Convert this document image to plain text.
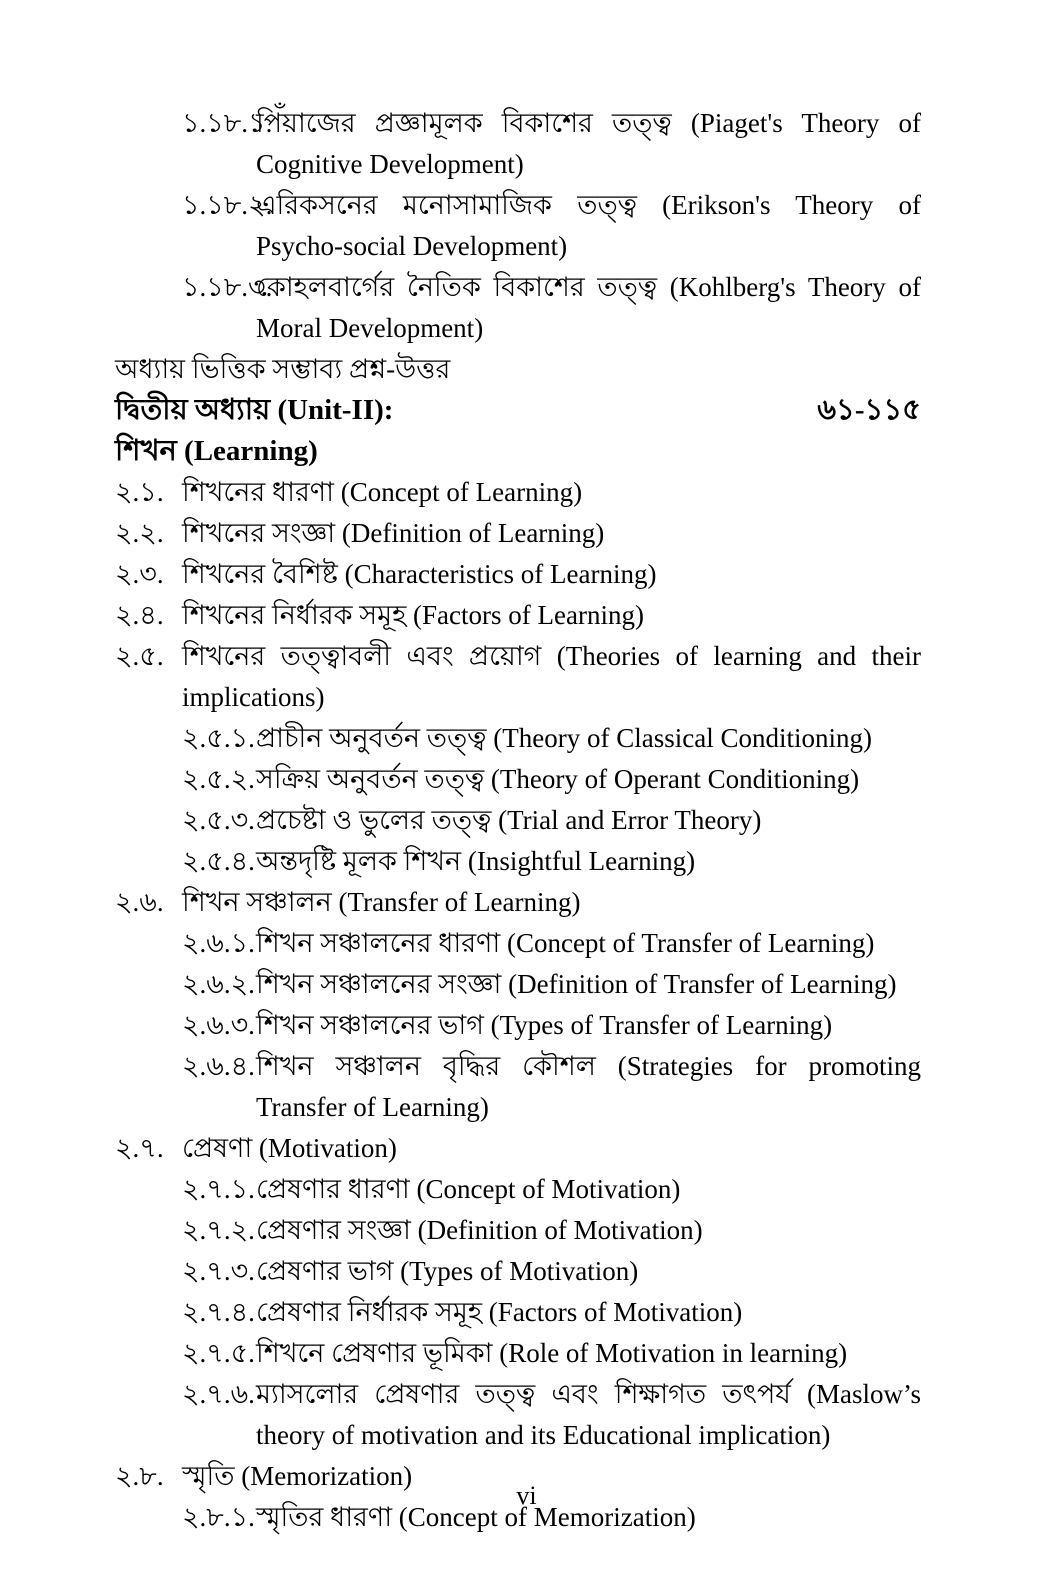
১.১৮.১.
পিঁয়াজের প্রজ্ঞামূলক বিকাশের তত্ত্ব (Piaget's Theory of Cognitive Development)
১.১৮.২.
এরিকসনের মনোসামাজিক তত্ত্ব (Erikson's Theory of Psycho-social Development)
১.১৮.৩.
কোহলবার্গের নৈতিক বিকাশের তত্ত্ব (Kohlberg's Theory of Moral Development)
অধ্যায় ভিত্তিক সম্ভাব্য প্রশ্ন-উত্তর
দ্বিতীয় অধ্যায় (Unit-II):	৬১-১১৫
শিখন (Learning)
২.১. শিখনের ধারণা (Concept of Learning)
২.২. শিখনের সংজ্ঞা (Definition of Learning)
২.৩. শিখনের বৈশিষ্ট (Characteristics of Learning)
২.৪. শিখনের নির্ধারক সমূহ (Factors of Learning)
২.৫. শিখনের তত্ত্বাবলী এবং প্রয়োগ (Theories of learning and their implications)
২.৫.১. প্রাচীন অনুবর্তন তত্ত্ব (Theory of Classical Conditioning)
২.৫.২. সক্রিয় অনুবর্তন তত্ত্ব (Theory of Operant Conditioning)
২.৫.৩. প্রচেষ্টা ও ভুলের তত্ত্ব (Trial and Error Theory)
২.৫.৪. অন্তদৃষ্টি মূলক শিখন (Insightful Learning)
২.৬. শিখন সঞ্চালন (Transfer of Learning)
২.৬.১. শিখন সঞ্চালনের ধারণা (Concept of Transfer of Learning)
২.৬.২. শিখন সঞ্চালনের সংজ্ঞা (Definition of Transfer of Learning)
২.৬.৩. শিখন সঞ্চালনের ভাগ (Types of Transfer of Learning)
২.৬.৪. শিখন সঞ্চালন বৃদ্ধির কৌশল (Strategies for promoting Transfer of Learning)
২.৭. প্রেষণা (Motivation)
২.৭.১. প্রেষণার ধারণা (Concept of Motivation)
২.৭.২. প্রেষণার সংজ্ঞা (Definition of Motivation)
২.৭.৩. প্রেষণার ভাগ (Types of Motivation)
২.৭.৪. প্রেষণার নির্ধারক সমূহ (Factors of Motivation)
২.৭.৫. শিখনে প্রেষণার ভূমিকা (Role of Motivation in learning)
২.৭.৬. ম্যাসলোর প্রেষণার তত্ত্ব এবং শিক্ষাগত তৎপর্য (Maslow’s theory of motivation and its Educational implication)
২.৮. স্মৃতি (Memorization)
২.৮.১. স্মৃতির ধারণা (Concept of Memorization)
vi
